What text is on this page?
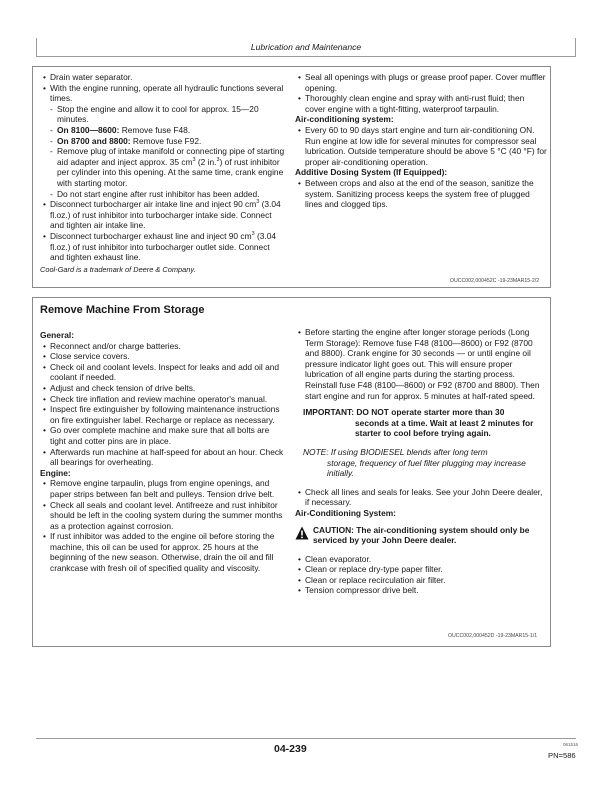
Lubrication and Maintenance

• Drain water separator.

• With the engine running, operate all hydraulic functions several times.

- Stop the engine and allow it to cool for approx. 15—20 minutes.

- On 8100—8600: Remove fuse F48.

- On 8700 and 8800: Remove fuse F92.

- Remove plug of intake manifold or connecting pipe of starting aid adapter and inject approx. 35 $cm^3$ (2 in.$^3$) of rust inhibitor per cylinder into this opening. At the same time, crank engine with starting motor.

- Do not start engine after rust inhibitor has been added.

• Disconnect turbocharger air intake line and inject 90 $cm^3$ (3.04 fl.oz.) of rust inhibitor into turbocharger intake side. Connect and tighten air intake line.

• Disconnect turbocharger exhaust line and inject 90 $cm^3$ (3.04 fl.oz.) of rust inhibitor into turbocharger outlet side. Connect and tighten exhaust line.

Cool-Gard is a trademark of Deere & Company.

• Seal all openings with plugs or grease proof paper. Cover muffler opening.

• Thoroughly clean engine and spray with anti-rust fluid; then cover engine with a tight-fitting, waterproof tarpaulin.

Air-conditioning system:

• Every 60 to 90 days start engine and turn air-conditioning ON. Run engine at low idle for several minutes for compressor seal lubrication. Outside temperature should be above 5 °C (40 °F) for proper air-conditioning operation.

Additive Dosing System (If Equipped):

• Between crops and also at the end of the season, sanitize the system. Sanitizing process keeps the system free of plugged lines and clogged tips.

OUCC002,000452C -19-23MAR15-2/2
Remove Machine From Storage

General:

• Reconnect and/or charge batteries.

• Close service covers.

• Check oil and coolant levels. Inspect for leaks and add oil and coolant if needed.

• Adjust and check tension of drive belts.

• Check tire inflation and review machine operator's manual.

• Inspect fire extinguisher by following maintenance instructions on fire extinguisher label. Recharge or replace as necessary.

• Go over complete machine and make sure that all bolts are tight and cotter pins are in place.

• Afterwards run machine at half-speed for about an hour. Check all bearings for overheating.

Engine:

• Remove engine tarpaulin, plugs from engine openings, and paper strips between fan belt and pulleys. Tension drive belt.

• Check all seals and coolant level. Antifreeze and rust inhibitor should be left in the cooling system during the summer months as a protection against corrosion.

• If rust inhibitor was added to the engine oil before storing the machine, this oil can be used for approx. 25 hours at the beginning of the new season. Otherwise, drain the oil and fill crankcase with fresh oil of specified quality and viscosity.

• Before starting the engine after longer storage periods (Long Term Storage): Remove fuse F48 (8100—8600) or F92 (8700 and 8800). Crank engine for 30 seconds — or until engine oil pressure indicator light goes out. This will ensure proper lubrication of all engine parts during the starting process. Reinstall fuse F48 (8100—8600) or F92 (8700 and 8800). Then start engine and run for approx. 5 minutes at half-rated speed.

IMPORTANT: DO NOT operate starter more than 30
seconds at a time. Wait at least 2 minutes for starter to cool before trying again.
NOTE: If using BIODIESEL blends after long term
storage, frequency of fuel filter plugging may increase initially.

• Check all lines and seals for leaks. See your John Deere dealer, if necessary.

Air-Conditioning System:

CAUTION: The air-conditioning system should only be serviced by your John Deere dealer.

• Clean evaporator.

• Clean or replace dry-type paper filter.

• Clean or replace recirculation air filter.

• Tension compressor drive belt.

OUCC002,000452D -19-23MAR15-1/1
04-239	061516
PN=586
